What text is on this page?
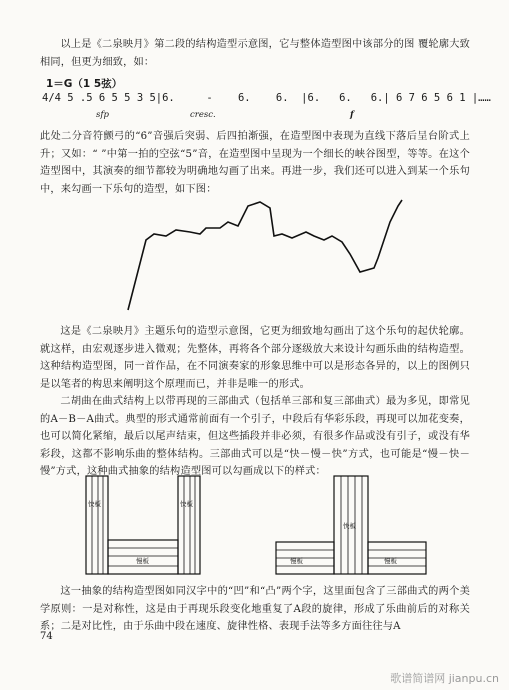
以上是《二泉映月》第二段的结构造型示意图，它与整体造型图中该部分的图 覆轮廓大致相同，但更为细致，如：

1＝G（1 5弦）
4/4 5 .5 6 5 5 3 5|6.     -    6.    6.  |6.   6.   6.| 6 7 6 5 6 1 |……
sfp	cresc.	f

此处二分音符颤弓的“6̇”音强后突弱、后四拍渐强，在造型图中表现为直线下落后呈台阶式上升；又如：“ ”中第一拍的空弦“5”音，在造型图中呈现为一个细长的峡谷图型，等等。在这个造型图中，其演奏的细节都较为明确地勾画了出来。再进一步，我们还可以进入到某一个乐句中，来勾画一下乐句的造型，如下图：

这是《二泉映月》主题乐句的造型示意图，它更为细致地勾画出了这个乐句的起伏轮廓。就这样，由宏观逐步进入微观；先整体，再将各个部分逐级放大来设计勾画乐曲的结构造型。这种结构造型图，同一首作品，在不同演奏家的形象思维中可以是形态各异的，以上的图例只是以笔者的构思来阐明这个原理而已，并非是唯一的形式。

二胡曲在曲式结构上以带再现的三部曲式（包括单三部和复三部曲式）最为多见，即常见的A－B－A曲式。典型的形式通常前面有一个引子，中段后有华彩乐段，再现可以加花变奏，也可以简化紧缩，最后以尾声结束，但这些插段并非必须，有很多作品或没有引子，或没有华彩段，这都不影响乐曲的整体结构。三部曲式可以是“快－慢－快”方式，也可能是“慢－快－慢”方式，这种曲式抽象的结构造型图可以勾画成以下的样式：

快板	快板
慢板	慢板
快板
慢板

这一抽象的结构造型图如同汉字中的“凹”和“凸”两个字，这里面包含了三部曲式的两个美学原则：一是对称性，这是由于再现乐段变化地重复了A段的旋律，形成了乐曲前后的对称关系；二是对比性，由于乐曲中段在速度、旋律性格、表现手法等多方面往往与A

74
歌谱简谱网 jianpu.cn
